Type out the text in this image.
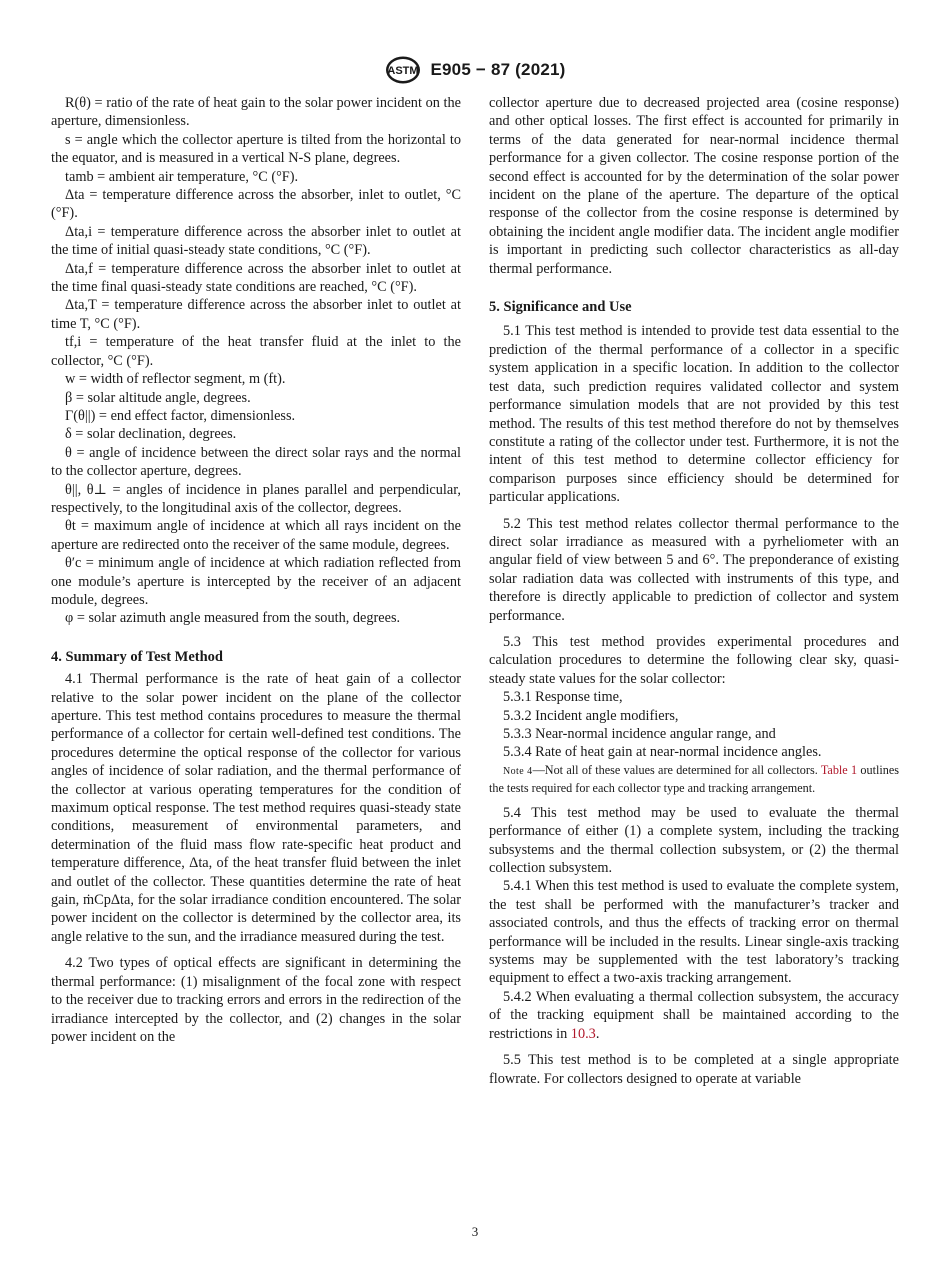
ASTM E905 − 87 (2021)

R(θ) = ratio of the rate of heat gain to the solar power incident on the aperture, dimensionless.

s = angle which the collector aperture is tilted from the horizontal to the equator, and is measured in a vertical N-S plane, degrees.

tamb = ambient air temperature, °C (°F).

Δta = temperature difference across the absorber, inlet to outlet, °C (°F).

Δta,i = temperature difference across the absorber inlet to outlet at the time of initial quasi-steady state conditions, °C (°F).

Δta,f = temperature difference across the absorber inlet to outlet at the time final quasi-steady state conditions are reached, °C (°F).

Δta,T = temperature difference across the absorber inlet to outlet at time T, °C (°F).

tf,i = temperature of the heat transfer fluid at the inlet to the collector, °C (°F).

w = width of reflector segment, m (ft).

β = solar altitude angle, degrees.

Γ(θ||) = end effect factor, dimensionless.

δ = solar declination, degrees.

θ = angle of incidence between the direct solar rays and the normal to the collector aperture, degrees.

θ||, θ⊥ = angles of incidence in planes parallel and perpendicular, respectively, to the longitudinal axis of the collector, degrees.

θt = maximum angle of incidence at which all rays incident on the aperture are redirected onto the receiver of the same module, degrees.

θ′c = minimum angle of incidence at which radiation reflected from one module’s aperture is intercepted by the receiver of an adjacent module, degrees.

φ = solar azimuth angle measured from the south, degrees.

4. Summary of Test Method

4.1 Thermal performance is the rate of heat gain of a collector relative to the solar power incident on the plane of the collector aperture. This test method contains procedures to measure the thermal performance of a collector for certain well-defined test conditions. The procedures determine the optical response of the collector for various angles of incidence of solar radiation, and the thermal performance of the collector at various operating temperatures for the condition of maximum optical response. The test method requires quasi-steady state conditions, measurement of environmental parameters, and determination of the fluid mass flow rate-specific heat product and temperature difference, Δta, of the heat transfer fluid between the inlet and outlet of the collector. These quantities determine the rate of heat gain, ṁCpΔta, for the solar irradiance condition encountered. The solar power incident on the collector is determined by the collector area, its angle relative to the sun, and the irradiance measured during the test.

4.2 Two types of optical effects are significant in determining the thermal performance: (1) misalignment of the focal zone with respect to the receiver due to tracking errors and errors in the redirection of the irradiance intercepted by the collector, and (2) changes in the solar power incident on the

collector aperture due to decreased projected area (cosine response) and other optical losses. The first effect is accounted for primarily in terms of the data generated for near-normal incidence thermal performance for a given collector. The cosine response portion of the second effect is accounted for by the determination of the solar power incident on the plane of the aperture. The departure of the optical response of the collector from the cosine response is determined by obtaining the incident angle modifier data. The incident angle modifier is important in predicting such collector characteristics as all-day thermal performance.

5. Significance and Use

5.1 This test method is intended to provide test data essential to the prediction of the thermal performance of a collector in a specific system application in a specific location. In addition to the collector test data, such prediction requires validated collector and system performance simulation models that are not provided by this test method. The results of this test method therefore do not by themselves constitute a rating of the collector under test. Furthermore, it is not the intent of this test method to determine collector efficiency for comparison purposes since efficiency should be determined for particular applications.

5.2 This test method relates collector thermal performance to the direct solar irradiance as measured with a pyrheliometer with an angular field of view between 5 and 6°. The preponderance of existing solar radiation data was collected with instruments of this type, and therefore is directly applicable to prediction of collector and system performance.

5.3 This test method provides experimental procedures and calculation procedures to determine the following clear sky, quasi-steady state values for the solar collector:

5.3.1 Response time,

5.3.2 Incident angle modifiers,

5.3.3 Near-normal incidence angular range, and

5.3.4 Rate of heat gain at near-normal incidence angles.

Note 4—Not all of these values are determined for all collectors. Table 1 outlines the tests required for each collector type and tracking arrangement.

5.4 This test method may be used to evaluate the thermal performance of either (1) a complete system, including the tracking subsystems and the thermal collection subsystem, or (2) the thermal collection subsystem.

5.4.1 When this test method is used to evaluate the complete system, the test shall be performed with the manufacturer’s tracker and associated controls, and thus the effects of tracking error on thermal performance will be included in the results. Linear single-axis tracking systems may be supplemented with the test laboratory’s tracking equipment to effect a two-axis tracking arrangement.

5.4.2 When evaluating a thermal collection subsystem, the accuracy of the tracking equipment shall be maintained according to the restrictions in 10.3.

5.5 This test method is to be completed at a single appropriate flowrate. For collectors designed to operate at variable

3
